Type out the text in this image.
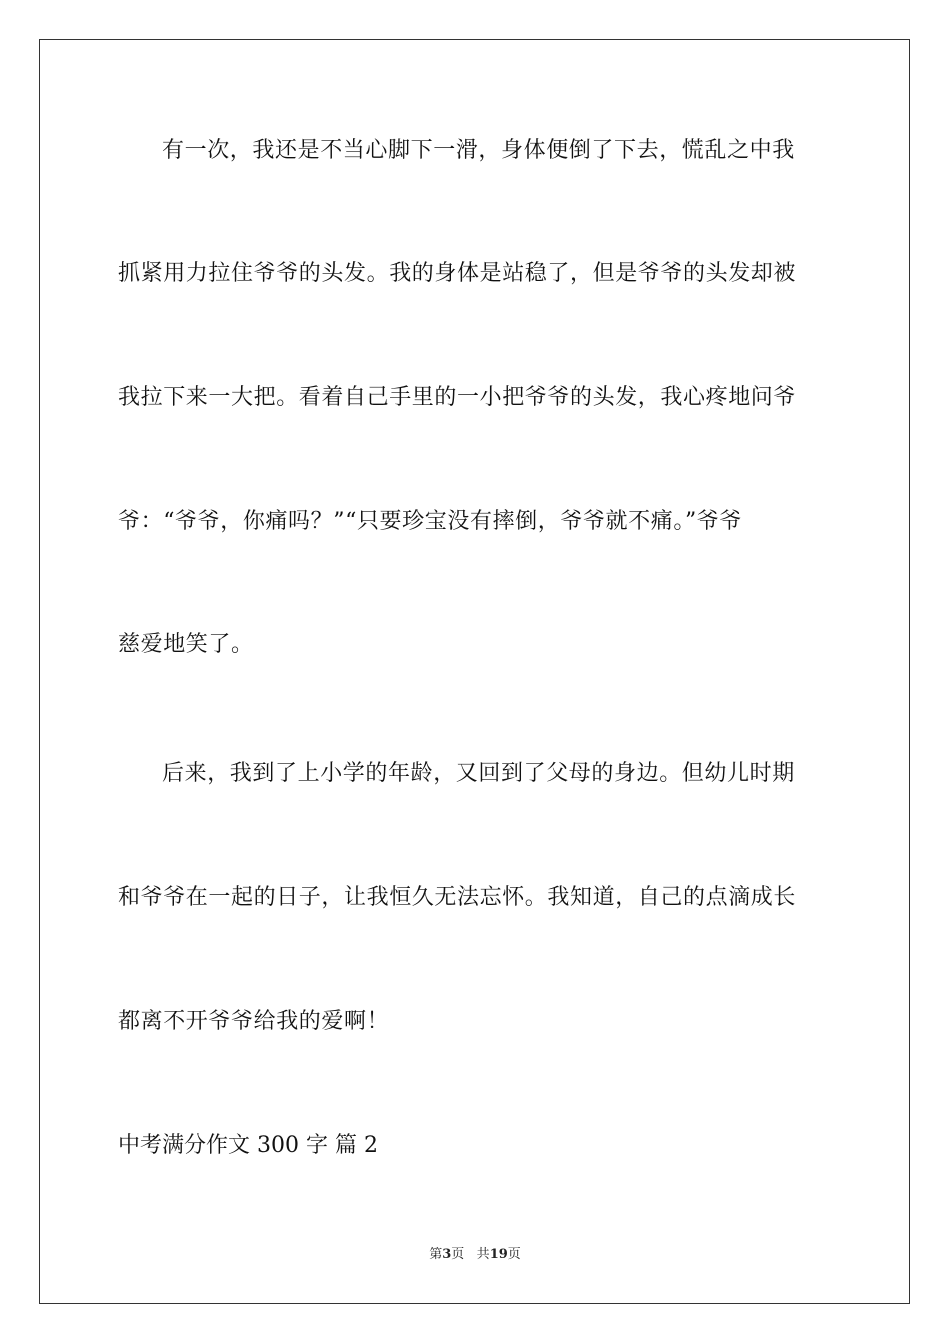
有一次，我还是不当心脚下一滑，身体便倒了下去，慌乱之中我
抓紧用力拉住爷爷的头发。我的身体是站稳了，但是爷爷的头发却被
我拉下来一大把。看着自己手里的一小把爷爷的头发，我心疼地问爷
爷：“爷爷，你痛吗？”“只要珍宝没有摔倒，爷爷就不痛。”爷爷
慈爱地笑了。
后来，我到了上小学的年龄，又回到了父母的身边。但幼儿时期
和爷爷在一起的日子，让我恒久无法忘怀。我知道，自己的点滴成长
都离不开爷爷给我的爱啊！
中考满分作文 300 字 篇 2
第3页 共19页
